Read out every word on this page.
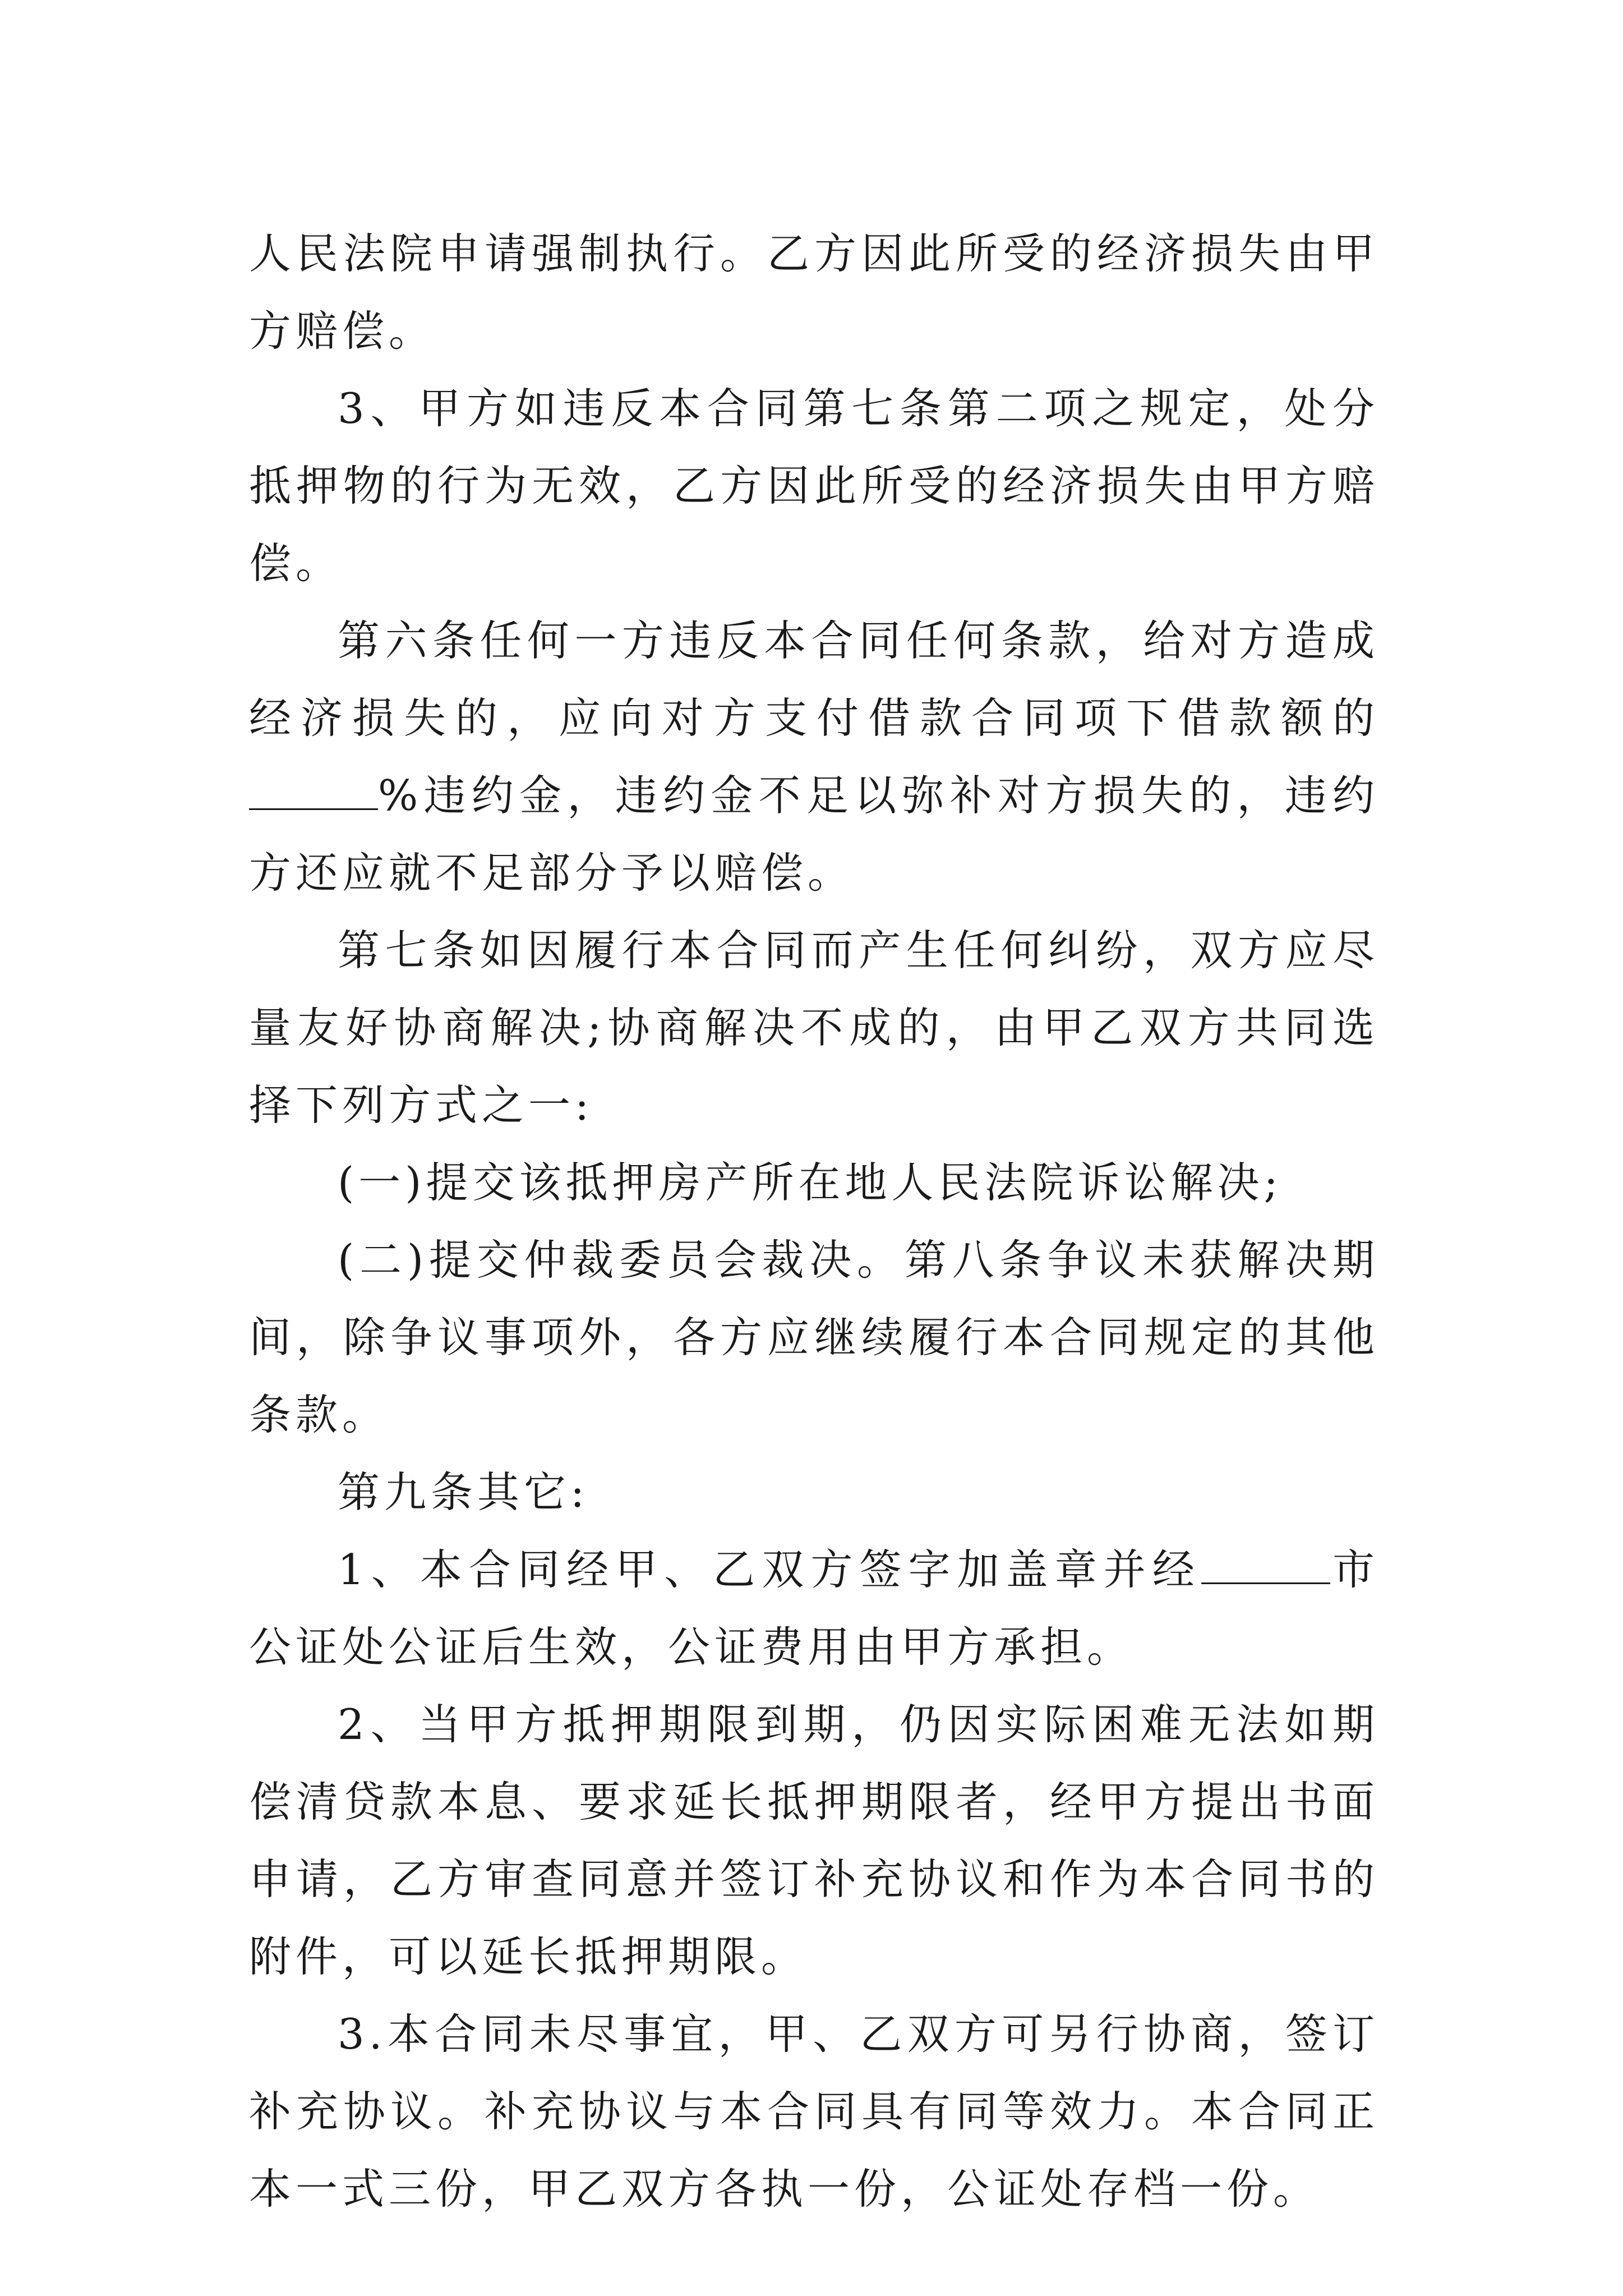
人民法院申请强制执行。乙方因此所受的经济损失由甲方赔偿。

3、甲方如违反本合同第七条第二项之规定，处分抵押物的行为无效，乙方因此所受的经济损失由甲方赔偿。

第六条任何一方违反本合同任何条款，给对方造成经济损失的，应向对方支付借款合同项下借款额的%违约金，违约金不足以弥补对方损失的，违约方还应就不足部分予以赔偿。

第七条如因履行本合同而产生任何纠纷，双方应尽量友好协商解决;协商解决不成的，由甲乙双方共同选择下列方式之一:

(一)提交该抵押房产所在地人民法院诉讼解决;

(二)提交仲裁委员会裁决。第八条争议未获解决期间，除争议事项外，各方应继续履行本合同规定的其他条款。

第九条其它:

1、本合同经甲、乙双方签字加盖章并经	市公证处公证后生效，公证费用由甲方承担。

2、当甲方抵押期限到期，仍因实际困难无法如期偿清贷款本息、要求延长抵押期限者，经甲方提出书面申请，乙方审查同意并签订补充协议和作为本合同书的附件，可以延长抵押期限。

3.本合同未尽事宜，甲、乙双方可另行协商，签订补充协议。补充协议与本合同具有同等效力。本合同正本一式三份，甲乙双方各执一份，公证处存档一份。
